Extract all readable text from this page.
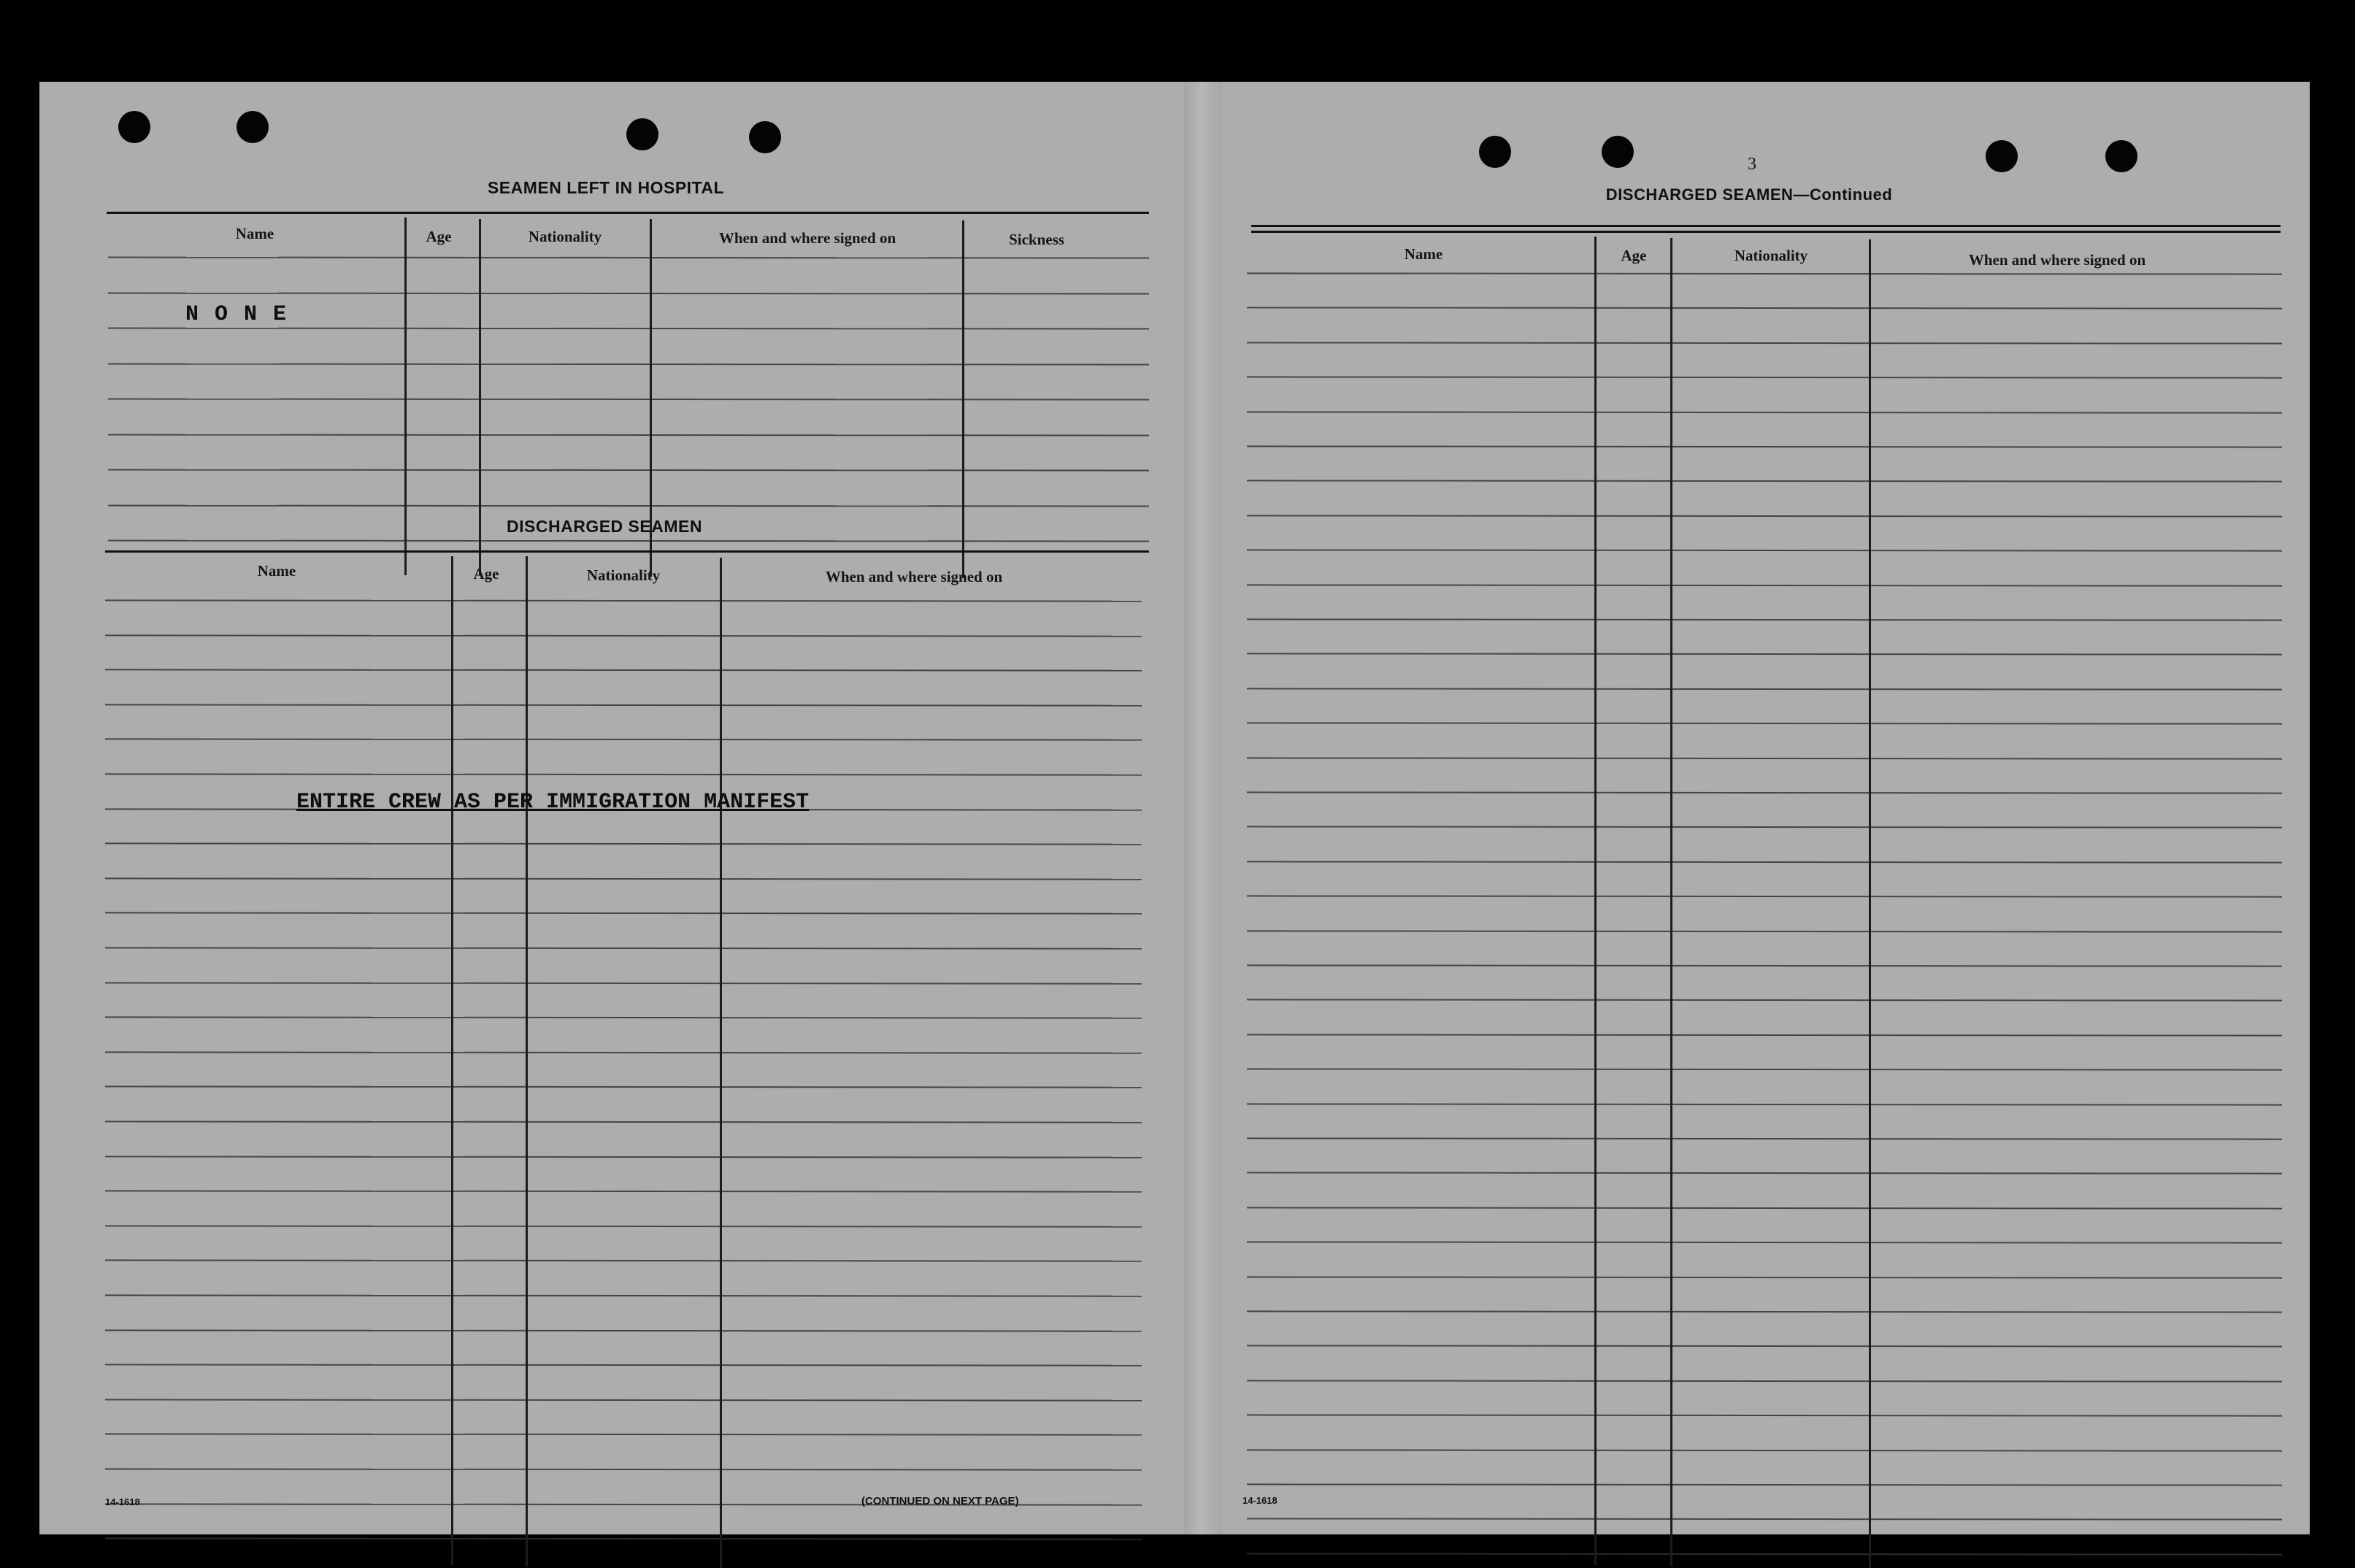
SEAMEN LEFT IN HOSPITAL
Name	Age	Nationality	When and where signed on	Sickness
N O N E
DISCHARGED SEAMEN
Name	Age	Nationality	When and where signed on
ENTIRE CREW AS PER IMMIGRATION MANIFEST
14-1618	(CONTINUED ON NEXT PAGE)
3
DISCHARGED SEAMEN—Continued
Name	Age	Nationality	When and where signed on
14-1618
